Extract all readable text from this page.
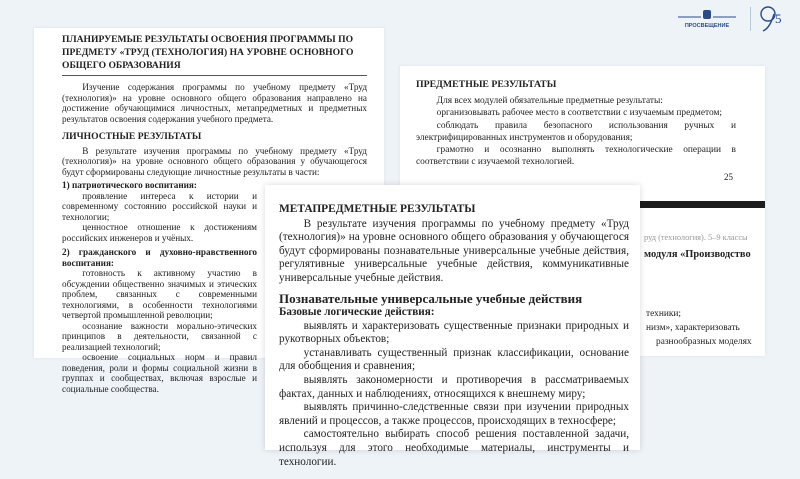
ПРОСВЕЩЕНИЕ	5
ПЛАНИРУЕМЫЕ РЕЗУЛЬТАТЫ ОСВОЕНИЯ ПРОГРАММЫ ПО ПРЕДМЕТУ «ТРУД (ТЕХНОЛОГИЯ) НА УРОВНЕ ОСНОВНОГО ОБЩЕГО ОБРАЗОВАНИЯ

Изучение содержания программы по учебному предмету «Труд (технология)» на уровне основного общего образования направлено на достижение обучающимися личностных, метапредметных и предметных результатов освоения содержания учебного предмета.

ЛИЧНОСТНЫЕ РЕЗУЛЬТАТЫ

В результате изучения программы по учебному предмету «Труд (технология)» на уровне основного общего образования у обучающегося будут сформированы следующие личностные результаты в части:

1) патриотического воспитания:

проявление интереса к истории и современному состоянию российской науки и технологии;

ценностное отношение к достижениям российских инженеров и учёных.

2) гражданского и духовно-нравственного воспитания:

готовность к активному участию в обсуждении общественно значимых и этических проблем, связанных с современными технологиями, в особенности технологиями четвертой промышленной революции;

осознание важности морально-этических принципов в деятельности, связанной с реализацией технологий;

освоение социальных норм и правил поведения, роли и формы социальной жизни в группах и сообществах, включая взрослые и социальные сообщества.

ПРЕДМЕТНЫЕ РЕЗУЛЬТАТЫ

Для всех модулей обязательные предметные результаты:

организовывать рабочее место в соответствии с изучаемым предметом;

соблюдать правила безопасного использования ручных и электрифицированных инструментов и оборудования;

грамотно и осознанно выполнять технологические операции в соответствии с изучаемой технологией.

25
руд (технология). 5–9 классы
модуля «Производство
техники;
низм», характеризовать
разнообразных моделях
МЕТАПРЕДМЕТНЫЕ РЕЗУЛЬТАТЫ

В результате изучения программы по учебному предмету «Труд (технология)» на уровне основного общего образования у обучающегося будут сформированы познавательные универсальные учебные действия, регулятивные универсальные учебные действия, коммуникативные универсальные учебные действия.

Познавательные универсальные учебные действия

Базовые логические действия:

выявлять и характеризовать существенные признаки природных и рукотворных объектов;

устанавливать существенный признак классификации, основание для обобщения и сравнения;

выявлять закономерности и противоречия в рассматриваемых фактах, данных и наблюдениях, относящихся к внешнему миру;

выявлять причинно-следственные связи при изучении природных явлений и процессов, а также процессов, происходящих в техносфере;

самостоятельно выбирать способ решения поставленной задачи, используя для этого необходимые материалы, инструменты и технологии.
